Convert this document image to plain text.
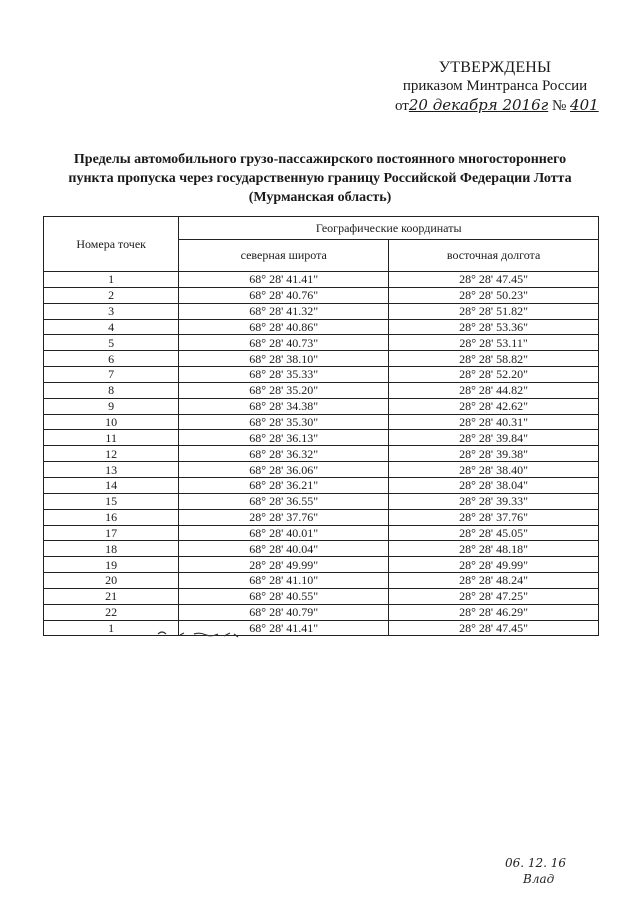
УТВЕРЖДЕНЫ
приказом Минтранса России
от20 декабря 2016г № 401
Пределы автомобильного грузо-пассажирского постоянного многостороннего
пункта пропуска через государственную границу Российской Федерации Лотта
(Мурманская область)
Номера точек	Географические координаты	
	северная широта	восточная долгота
1	68° 28' 41.41"	28° 28' 47.45"
2	68° 28' 40.76"	28° 28' 50.23"
3	68° 28' 41.32"	28° 28' 51.82"
4	68° 28' 40.86"	28° 28' 53.36"
5	68° 28' 40.73"	28° 28' 53.11"
6	68° 28' 38.10"	28° 28' 58.82"
7	68° 28' 35.33"	28° 28' 52.20"
8	68° 28' 35.20"	28° 28' 44.82"
9	68° 28' 34.38"	28° 28' 42.62"
10	68° 28' 35.30"	28° 28' 40.31"
11	68° 28' 36.13"	28° 28' 39.84"
12	68° 28' 36.32"	28° 28' 39.38"
13	68° 28' 36.06"	28° 28' 38.40"
14	68° 28' 36.21"	28° 28' 38.04"
15	68° 28' 36.55"	28° 28' 39.33"
16	28° 28' 37.76"	28° 28' 37.76"
17	68° 28' 40.01"	28° 28' 45.05"
18	68° 28' 40.04"	28° 28' 48.18"
19	28° 28' 49.99"	28° 28' 49.99"
20	68° 28' 41.10"	28° 28' 48.24"
21	68° 28' 40.55"	28° 28' 47.25"
22	68° 28' 40.79"	28° 28' 46.29"
1	68° 28' 41.41"	28° 28' 47.45"
06. 12. 16
Влад
